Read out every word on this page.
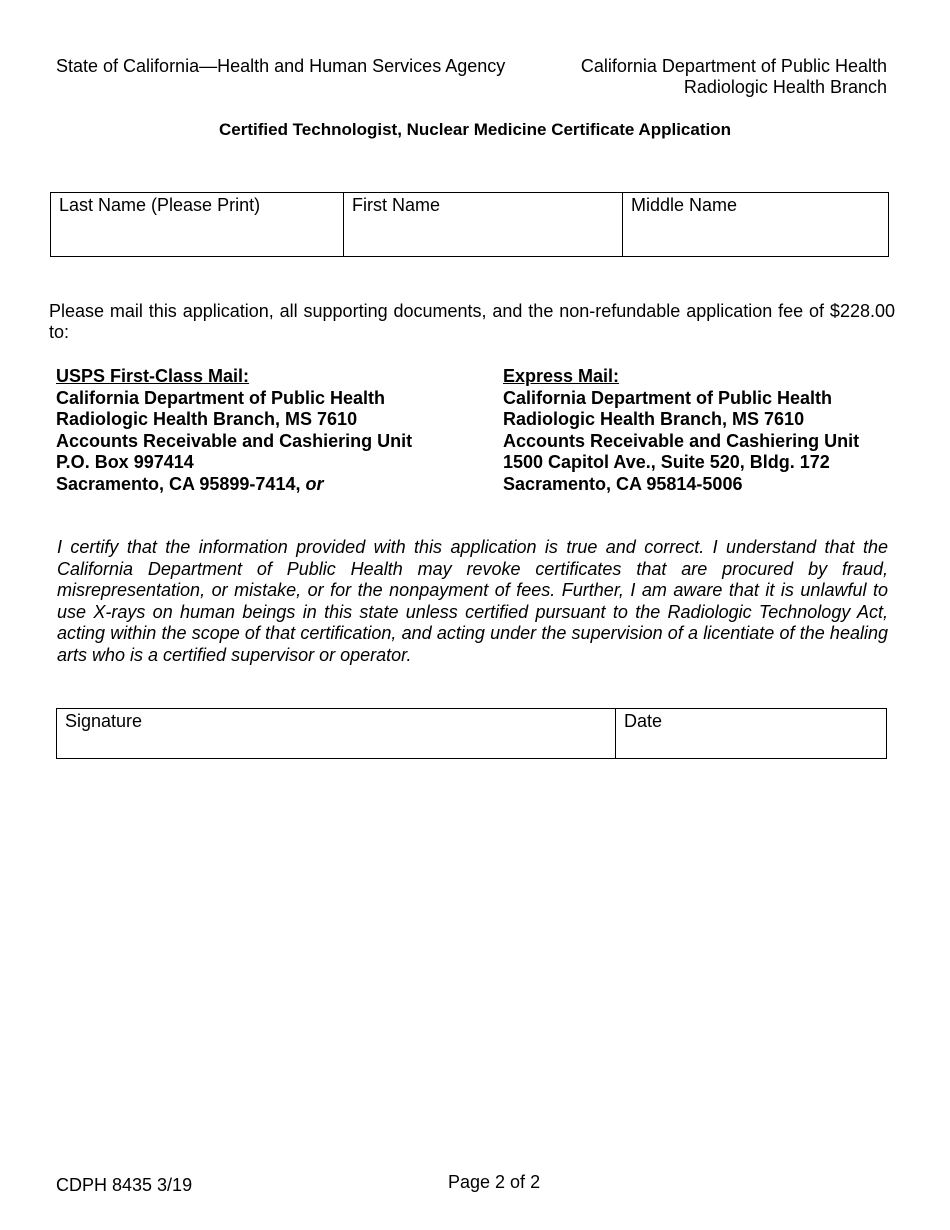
State of California—Health and Human Services Agency	California Department of Public Health
Radiologic Health Branch
Certified Technologist, Nuclear Medicine Certificate Application
Last Name (Please Print)	First Name	Middle Name
Please mail this application, all supporting documents, and the non-refundable application fee of $228.00 to:
USPS First-Class Mail:
California Department of Public Health
Radiologic Health Branch, MS 7610
Accounts Receivable and Cashiering Unit
P.O. Box 997414
Sacramento, CA 95899-7414, or
Express Mail:
California Department of Public Health
Radiologic Health Branch, MS 7610
Accounts Receivable and Cashiering Unit
1500 Capitol Ave., Suite 520, Bldg. 172
Sacramento, CA 95814-5006
I certify that the information provided with this application is true and correct. I understand that the California Department of Public Health may revoke certificates that are procured by fraud, misrepresentation, or mistake, or for the nonpayment of fees. Further, I am aware that it is unlawful to use X-rays on human beings in this state unless certified pursuant to the Radiologic Technology Act, acting within the scope of that certification, and acting under the supervision of a licentiate of the healing arts who is a certified supervisor or operator.
Signature	Date
CDPH 8435 3/19	Page 2 of 2
